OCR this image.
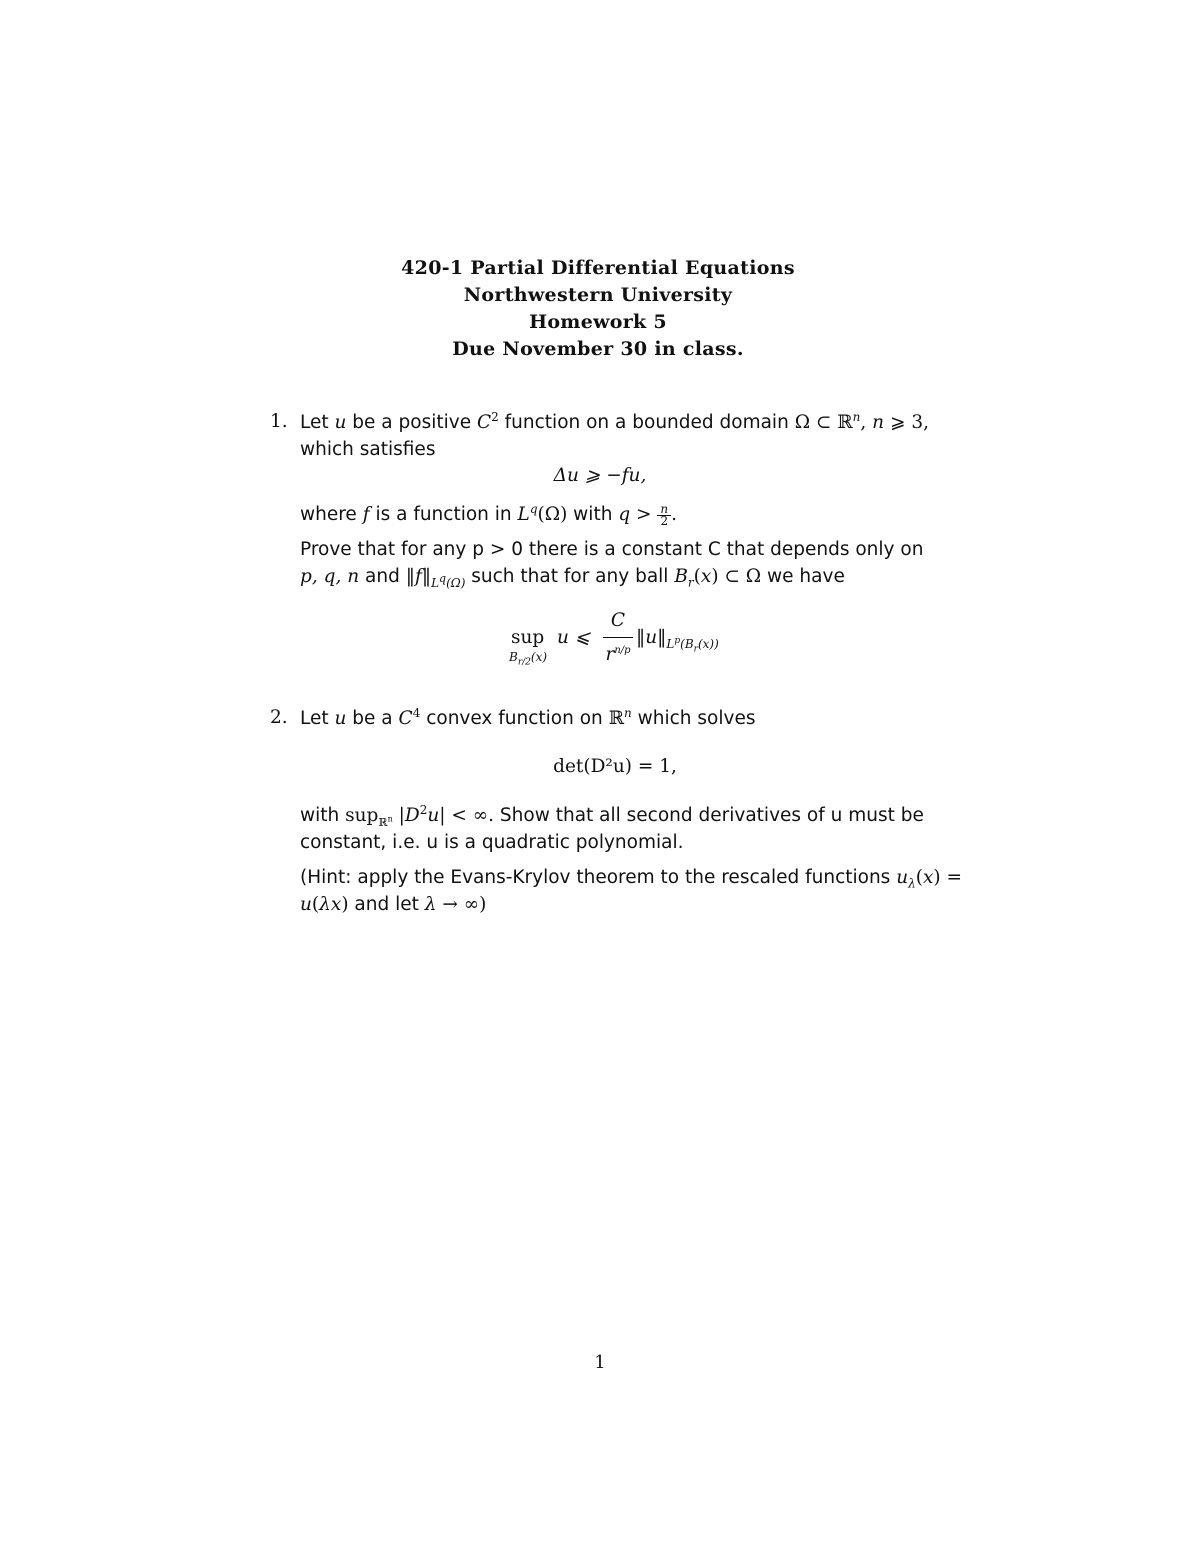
420-1 Partial Differential Equations
Northwestern University
Homework 5
Due November 30 in class.
1. Let u be a positive $C^2$ function on a bounded domain Ω ⊂ ℝ$^n$, n ⩾ 3,
which satisfies
Δu ⩾ −fu,
where f is a function in $L^q(\Omega)$ with $q > \frac{n}{2}$ .
Prove that for any p > 0 there is a constant C that depends only on
p, q, n and $‖f‖_{L^q(\Omega)}$ such that for any ball $B_r(x)$ ⊂ Ω we have
sup
$B_{r/2}(x)$
u ⩽
C
$r^{n/p}$
$‖u‖_{L^p(B_r(x))}$
2. Let u be a $C^4$ convex function on ℝ$^n$ which solves
det(D²u) = 1,
with sup$_{ℝ^n}$ $|D^2u|$ < ∞. Show that all second derivatives of u must be
constant, i.e. u is a quadratic polynomial.
(Hint: apply the Evans-Krylov theorem to the rescaled functions $u_\lambda(x)$ =
u(λx) and let λ → ∞)
1
